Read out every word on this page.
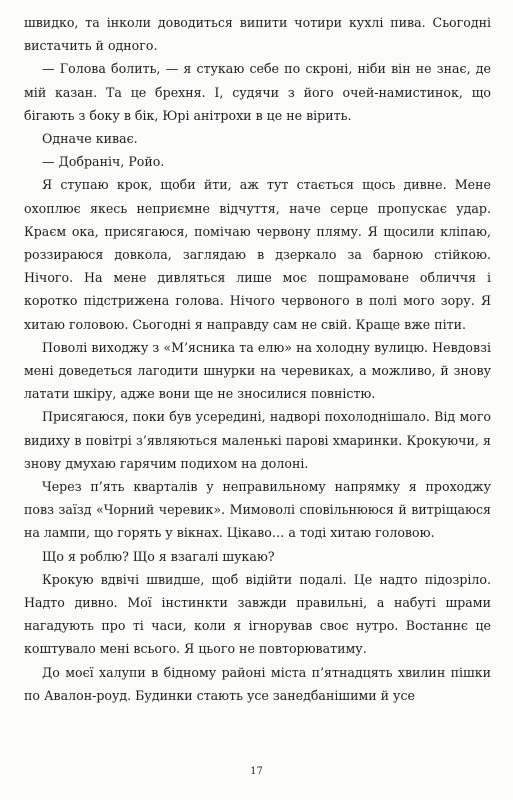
швидко, та інколи доводиться випити чотири кухлі пива. Сьогодні вистачить й одного.

— Голова болить, — я стукаю себе по скроні, ніби він не знає, де мій казан. Та це брехня. І, судячи з його очей-намистинок, що бігають з боку в бік, Юрі анітрохи в це не вірить.

Одначе киває.

— Добраніч, Ройо.

Я ступаю крок, щоби йти, аж тут стається щось дивне. Мене охоплює якесь неприємне відчуття, наче серце пропускає удар. Краєм ока, присягаюся, помічаю червону пляму. Я щосили кліпаю, роззираюся довкола, заглядаю в дзеркало за барною стійкою. Нічого. На мене дивляться лише моє пошрамоване обличчя і коротко підстрижена голова. Нічого червоного в полі мого зору. Я хитаю головою. Сьогодні я направду сам не свій. Краще вже піти.

Поволі виходжу з «М’ясника та елю» на холодну вулицю. Невдовзі мені доведеться лагодити шнурки на черевиках, а можливо, й знову латати шкіру, адже вони ще не зносилися повністю.

Присягаюся, поки був усередині, надворі похолоднішало. Від мого видиху в повітрі з’являються маленькі парові хмаринки. Крокуючи, я знову дмухаю гарячим подихом на долоні.

Через п’ять кварталів у неправильному напрямку я проходжу повз заїзд «Чорний черевик». Мимоволі сповільнююся й витріщаюся на лампи, що горять у вікнах. Цікаво… а тоді хитаю головою.

Що я роблю? Що я взагалі шукаю?

Крокую вдвічі швидше, щоб відійти подалі. Це надто підозріло. Надто дивно. Мої інстинкти завжди правильні, а набуті шрами нагадують про ті часи, коли я ігнорував своє нутро. Востаннє це коштувало мені всього. Я цього не повторюватиму.

До моєї халупи в бідному районі міста п’ятнадцять хвилин пішки по Авалон-роуд. Будинки стають усе занедбанішими й усе

17
